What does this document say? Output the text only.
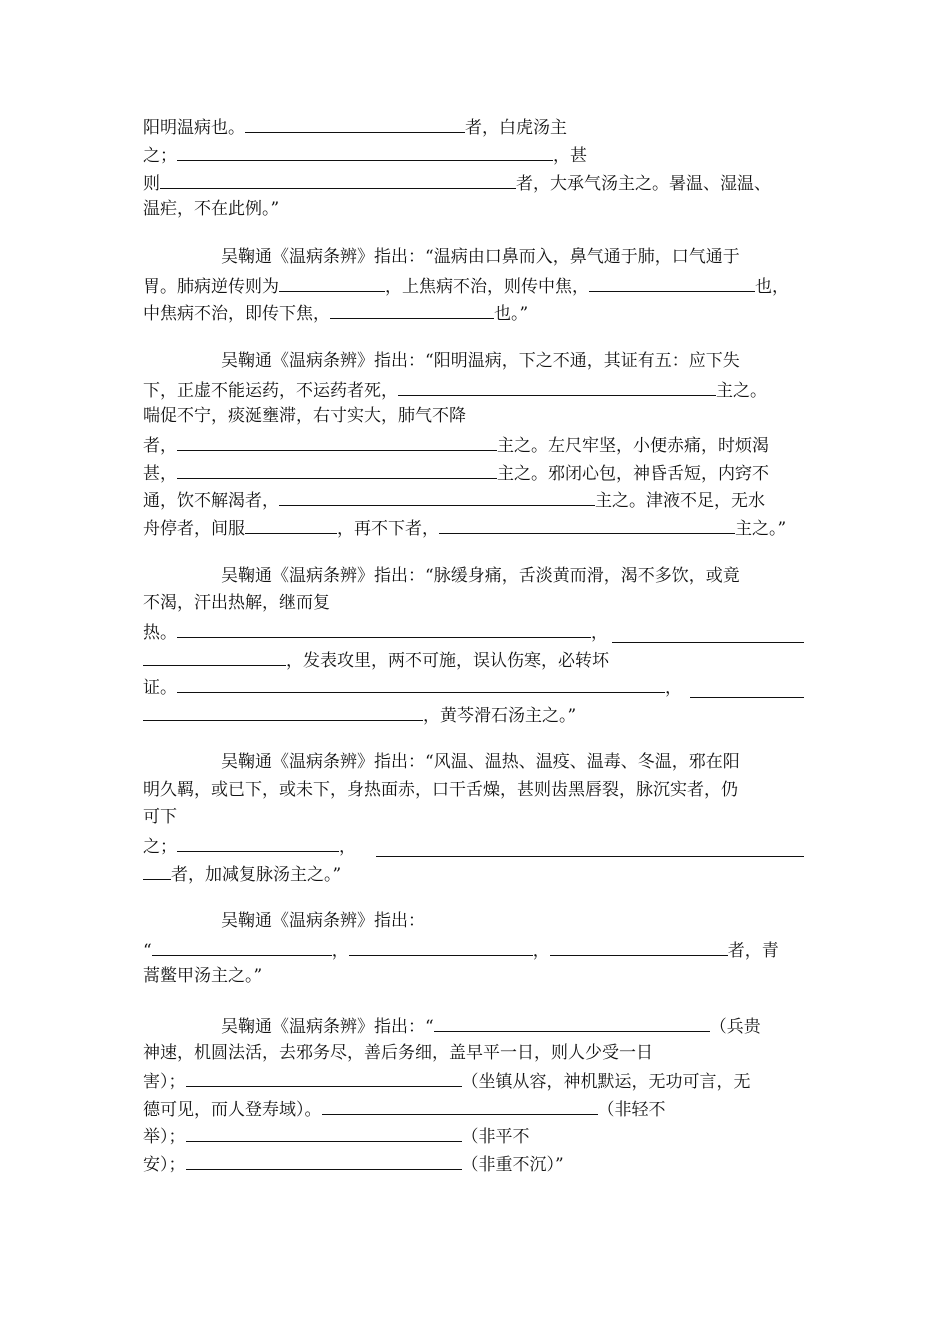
阳明温病也。	者，白虎汤主
之；	，甚
则	者，大承气汤主之。暑温、湿温、
温疟，不在此例。”
吴鞠通《温病条辨》指出：“温病由口鼻而入，鼻气通于肺，口气通于
胃。肺病逆传则为	，上焦病不治，则传中焦，	也，
中焦病不治，即传下焦，	也。”
吴鞠通《温病条辨》指出：“阳明温病，下之不通，其证有五：应下失
下，正虚不能运药，不运药者死，	主之。
喘促不宁，痰涎壅滞，右寸实大，肺气不降
者，	主之。左尺牢坚，小便赤痛，时烦渴
甚，	主之。邪闭心包，神昏舌短，内窍不
通，饮不解渴者，	主之。津液不足，无水
舟停者，间服	，再不下者，	主之。”
吴鞠通《温病条辨》指出：“脉缓身痛，舌淡黄而滑，渴不多饮，或竟
不渴，汗出热解，继而复
热。	，
，发表攻里，两不可施，误认伤寒，必转坏
证。	，
，黄芩滑石汤主之。”
吴鞠通《温病条辨》指出：“风温、温热、温疫、温毒、冬温，邪在阳
明久羁，或已下，或未下，身热面赤，口干舌燥，甚则齿黑唇裂，脉沉实者，仍
可下
之；	，
者，加减复脉汤主之。”
吴鞠通《温病条辨》指出：
“	，	，	者，青
蒿鳖甲汤主之。”
吴鞠通《温病条辨》指出：“	（兵贵
神速，机圆法活，去邪务尽，善后务细，盖早平一日，则人少受一日
害）；	（坐镇从容，神机默运，无功可言，无
德可见，而人登寿域）。	（非轻不
举）；	（非平不
安）；	（非重不沉）”
